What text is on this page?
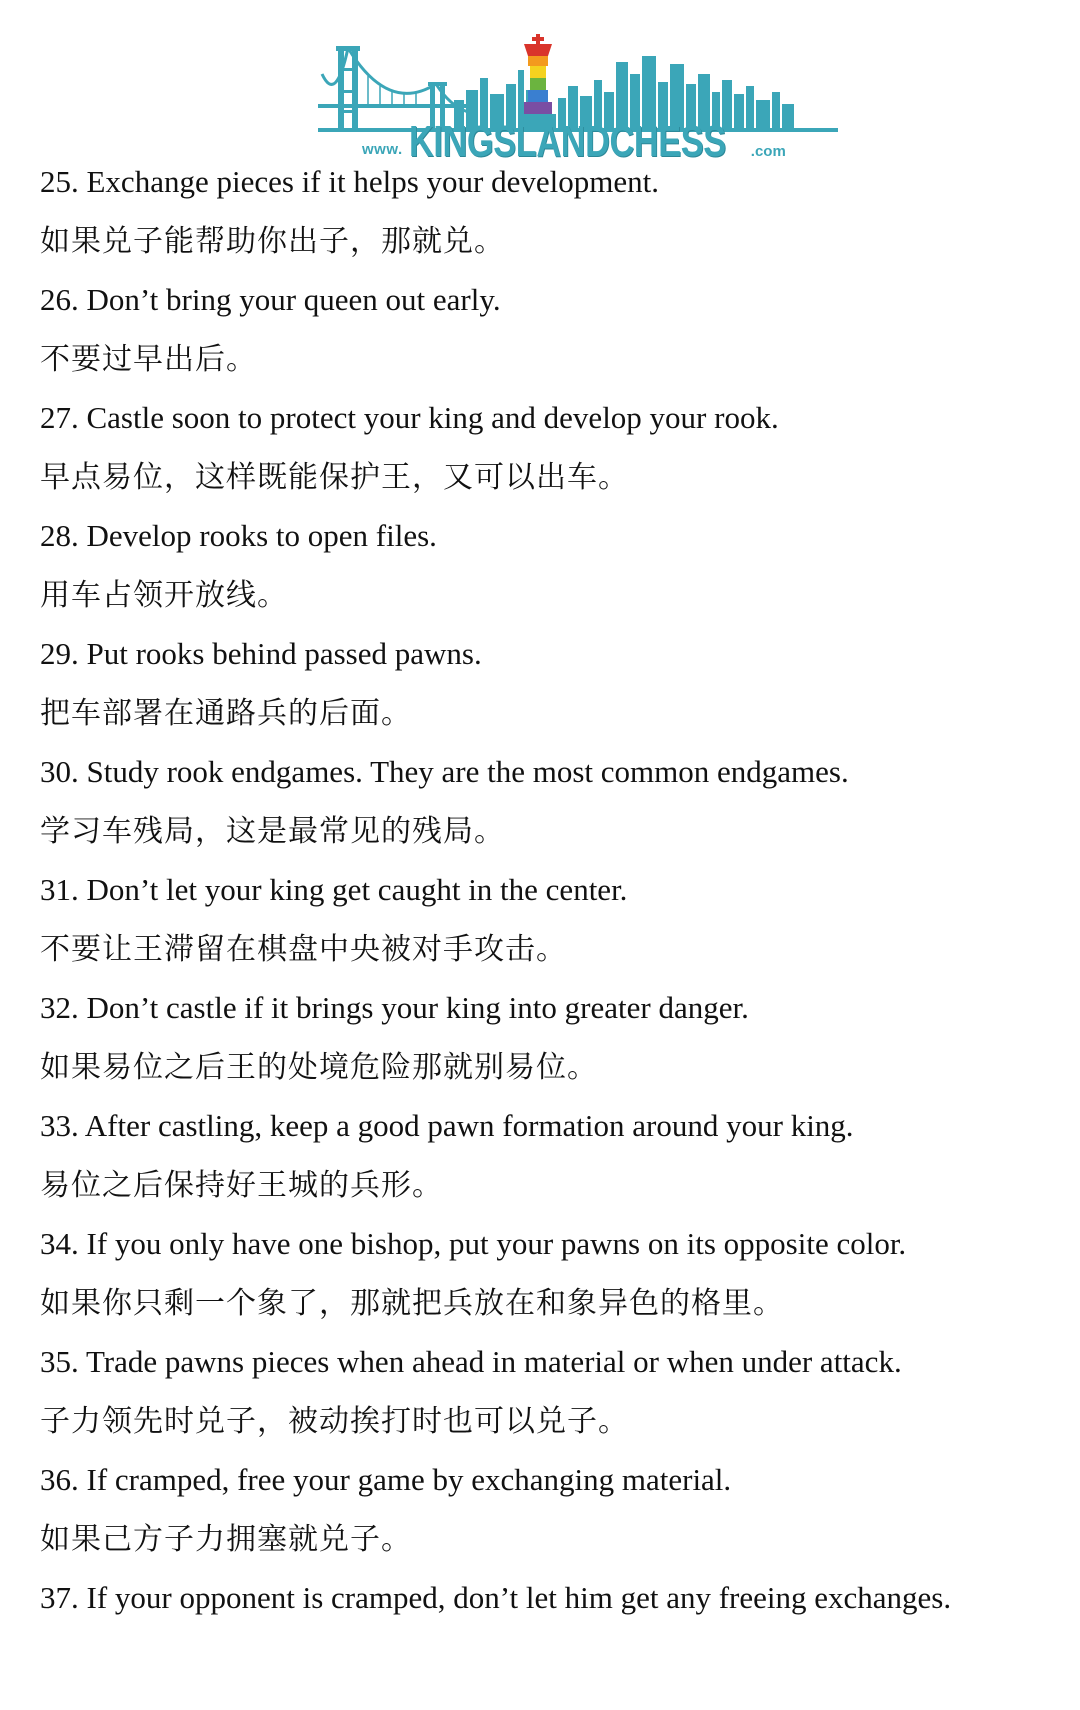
www. KINGSLANDCHESS .com
25. Exchange pieces if it helps your development.
如果兑子能帮助你出子，那就兑。
26. Don’t bring your queen out early.
不要过早出后。
27. Castle soon to protect your king and develop your rook.
早点易位，这样既能保护王，又可以出车。
28. Develop rooks to open files.
用车占领开放线。
29. Put rooks behind passed pawns.
把车部署在通路兵的后面。
30. Study rook endgames. They are the most common endgames.
学习车残局，这是最常见的残局。
31. Don’t let your king get caught in the center.
不要让王滞留在棋盘中央被对手攻击。
32. Don’t castle if it brings your king into greater danger.
如果易位之后王的处境危险那就别易位。
33. After castling, keep a good pawn formation around your king.
易位之后保持好王城的兵形。
34. If you only have one bishop, put your pawns on its opposite color.
如果你只剩一个象了，那就把兵放在和象异色的格里。
35. Trade pawns pieces when ahead in material or when under attack.
子力领先时兑子，被动挨打时也可以兑子。
36. If cramped, free your game by exchanging material.
如果己方子力拥塞就兑子。
37. If your opponent is cramped, don’t let him get any freeing exchanges.
